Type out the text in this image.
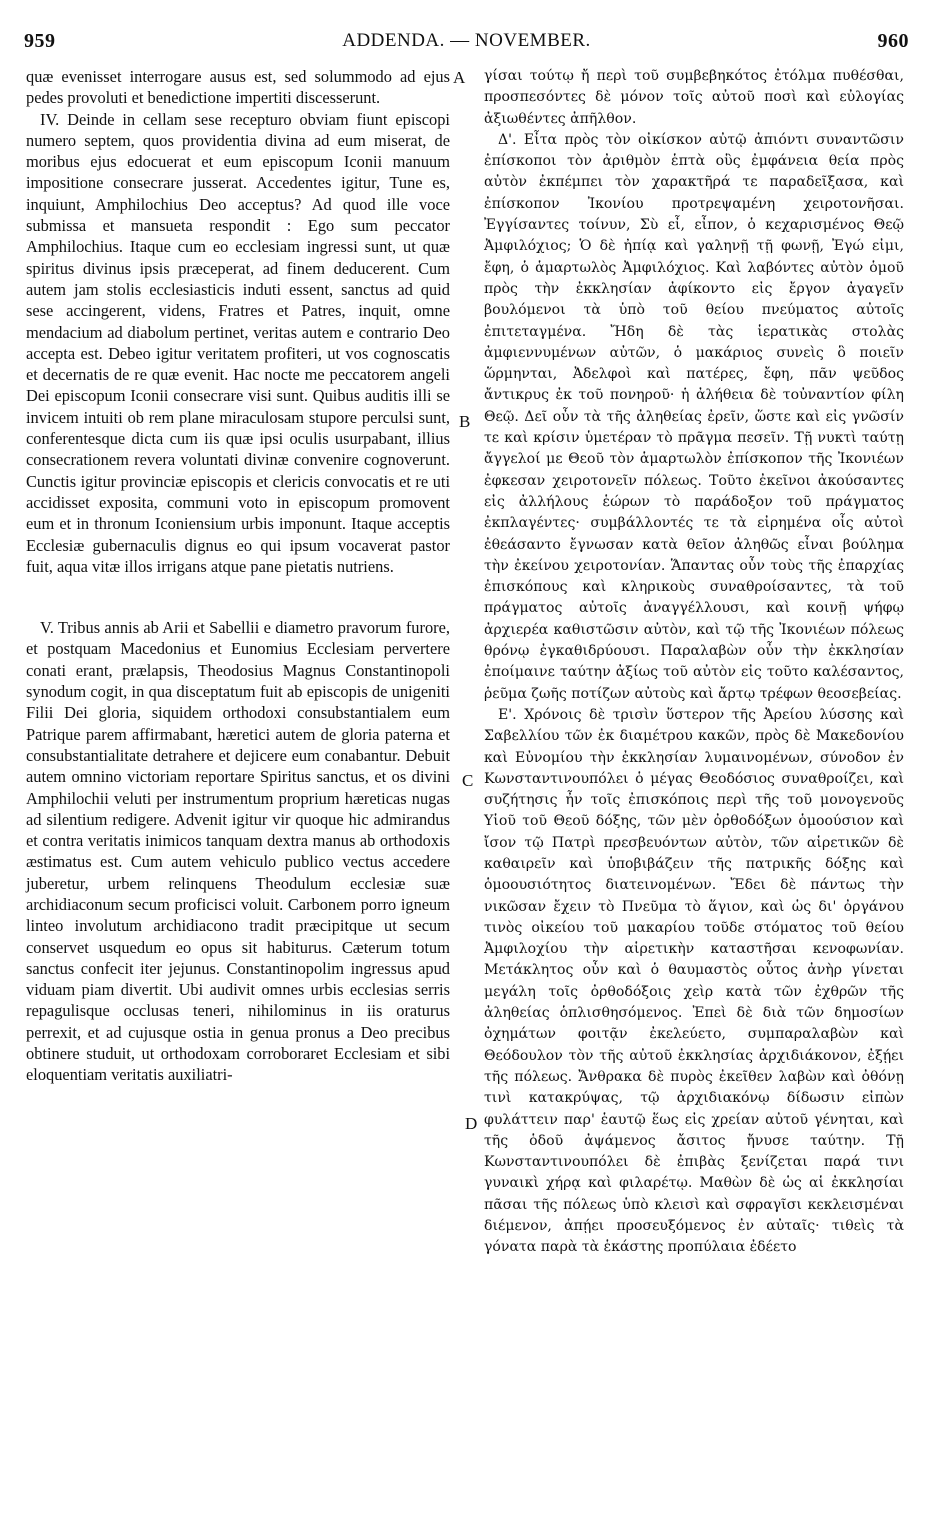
959	ADDENDA. — NOVEMBER.	960

quæ evenisset interrogare ausus est, sed solummodo ad ejus pedes provoluti et benedictione impertiti discesserunt.

IV. Deinde in cellam sese recepturo obviam fiunt episcopi numero septem, quos providentia divina ad eum miserat, de moribus ejus edocuerat et eum episcopum Iconii manuum impositione consecrare jusserat. Accedentes igitur, Tune es, inquiunt, Amphilochius Deo acceptus? Ad quod ille voce submissa et mansueta respondit : Ego sum peccator Amphilochius. Itaque cum eo ecclesiam ingressi sunt, ut quæ spiritus divinus ipsis præceperat, ad finem deducerent. Cum autem jam stolis ecclesiasticis induti essent, sanctus ad quid sese accingerent, videns, Fratres et Patres, inquit, omne mendacium ad diabolum pertinet, veritas autem e contrario Deo accepta est. Debeo igitur veritatem profiteri, ut vos cognoscatis et decernatis de re quæ evenit. Hac nocte me peccatorem angeli Dei episcopum Iconii consecrare visi sunt. Quibus auditis illi se invicem intuiti ob rem plane miraculosam stupore perculsi sunt, conferentesque dicta cum iis quæ ipsi oculis usurpabant, illius consecrationem revera voluntati divinæ convenire cognoverunt. Cunctis igitur provinciæ episcopis et clericis convocatis et re uti accidisset exposita, communi voto in episcopum promovent eum et in thronum Iconiensium urbis imponunt. Itaque acceptis Ecclesiæ gubernaculis dignus eo qui ipsum vocaverat pastor fuit, aqua vitæ illos irrigans atque pane pietatis nutriens.

V. Tribus annis ab Arii et Sabellii e diametro pravorum furore, et postquam Macedonius et Eunomius Ecclesiam pervertere conati erant, prælapsis, Theodosius Magnus Constantinopoli synodum cogit, in qua disceptatum fuit ab episcopis de unigeniti Filii Dei gloria, siquidem orthodoxi consubstantialem eum Patrique parem affirmabant, hæretici autem de gloria paterna et consubstantialitate detrahere et dejicere eum conabantur. Debuit autem omnino victoriam reportare Spiritus sanctus, et os divini Amphilochii veluti per instrumentum proprium hæreticas nugas ad silentium redigere. Advenit igitur vir quoque hic admirandus et contra veritatis inimicos tanquam dextra manus ab orthodoxis æstimatus est. Cum autem vehiculo publico vectus accedere juberetur, urbem relinquens Theodulum ecclesiæ suæ archidiaconum secum proficisci voluit. Carbonem porro igneum linteo involutum archidiacono tradit præcipitque ut secum conservet usquedum eo opus sit habiturus. Cæterum totum sanctus confecit iter jejunus. Constantinopolim ingressus apud viduam piam divertit. Ubi audivit omnes urbis ecclesias serris repagulisque occlusas teneri, nihilominus in iis oraturus perrexit, et ad cujusque ostia in genua pronus a Deo precibus obtinere studuit, ut orthodoxam corroboraret Ecclesiam et sibi eloquentiam veritatis auxiliatri-

γίσαι τούτῳ ἤ περὶ τοῦ συμβεβηκότος ἐτόλμα πυθέσθαι, προσπεσόντες δὲ μόνον τοῖς αὐτοῦ ποσὶ καὶ εὐλογίας ἀξιωθέντες ἀπῆλθον.

Δ'. Εἶτα πρὸς τὸν οἰκίσκον αὐτῷ ἀπιόντι συναντῶσιν ἐπίσκοποι τὸν ἀριθμὸν ἑπτὰ οὓς ἐμφάνεια θεία πρὸς αὐτὸν ἐκπέμπει τὸν χαρακτῆρά τε παραδεῖξασα, καὶ ἐπίσκοπον Ἰκονίου προτρεψαμένη χειροτονῆσαι. Ἐγγίσαντες τοίνυν, Σὺ εἶ, εἶπον, ὁ κεχαρισμένος Θεῷ Ἀμφιλόχιος; Ὁ δὲ ἠπίᾳ καὶ γαληνῇ τῇ φωνῇ, Ἐγώ εἰμι, ἔφη, ὁ ἁμαρτωλὸς Ἀμφιλόχιος. Καὶ λαβόντες αὐτὸν ὁμοῦ πρὸς τὴν ἐκκλησίαν ἀφίκοντο εἰς ἔργον ἀγαγεῖν βουλόμενοι τὰ ὑπὸ τοῦ θείου πνεύματος αὐτοῖς ἐπιτεταγμένα. Ἤδη δὲ τὰς ἱερατικὰς στολὰς ἀμφιεννυμένων αὐτῶν, ὁ μακάριος συνεὶς ὃ ποιεῖν ὥρμηνται, Ἀδελφοὶ καὶ πατέρες, ἔφη, πᾶν ψεῦδος ἄντικρυς ἐκ τοῦ πονηροῦ· ἡ ἀλήθεια δὲ τοὐναντίον φίλη Θεῷ. Δεῖ οὖν τὰ τῆς ἀληθείας ἐρεῖν, ὥστε καὶ εἰς γνῶσίν τε καὶ κρίσιν ὑμετέραν τὸ πρᾶγμα πεσεῖν. Τῇ νυκτὶ ταύτῃ ἄγγελοί με Θεοῦ τὸν ἁμαρτωλὸν ἐπίσκοπον τῆς Ἰκονιέων ἐφκεσαν χειροτονεῖν πόλεως. Τοῦτο ἐκεῖνοι ἀκούσαντες εἰς ἀλλήλους ἑώρων τὸ παράδοξον τοῦ πράγματος ἐκπλαγέντες· συμβάλλοντές τε τὰ εἰρημένα οἷς αὐτοὶ ἐθεάσαντο ἔγνωσαν κατὰ θεῖον ἀληθῶς εἶναι βούλημα τὴν ἐκείνου χειροτονίαν. Ἅπαντας οὖν τοὺς τῆς ἐπαρχίας ἐπισκόπους καὶ κληρικοὺς συναθροίσαντες, τὰ τοῦ πράγματος αὐτοῖς ἀναγγέλλουσι, καὶ κοινῇ ψήφῳ ἀρχιερέα καθιστῶσιν αὐτὸν, καὶ τῷ τῆς Ἰκονιέων πόλεως θρόνῳ ἐγκαθιδρύουσι. Παραλαβὼν οὖν τὴν ἐκκλησίαν ἐποίμαινε ταύτην ἀξίως τοῦ αὐτὸν εἰς τοῦτο καλέσαντος, ῥεῦμα ζωῆς ποτίζων αὐτοὺς καὶ ἄρτῳ τρέφων θεοσεβείας.

Ε'. Χρόνοις δὲ τρισὶν ὕστερον τῆς Ἀρείου λύσσης καὶ Σαβελλίου τῶν ἐκ διαμέτρου κακῶν, πρὸς δὲ Μακεδονίου καὶ Εὐνομίου τὴν ἐκκλησίαν λυμαινομένων, σύνοδον ἐν Κωνσταντινουπόλει ὁ μέγας Θεοδόσιος συναθροίζει, καὶ συζήτησις ἦν τοῖς ἐπισκόποις περὶ τῆς τοῦ μονογενοῦς Υἱοῦ τοῦ Θεοῦ δόξης, τῶν μὲν ὀρθοδόξων ὁμοούσιον καὶ ἴσον τῷ Πατρὶ πρεσβευόντων αὐτὸν, τῶν αἱρετικῶν δὲ καθαιρεῖν καὶ ὑποβιβάζειν τῆς πατρικῆς δόξης καὶ ὁμοουσιότητος διατεινομένων. Ἔδει δὲ πάντως τὴν νικῶσαν ἔχειν τὸ Πνεῦμα τὸ ἅγιον, καὶ ὡς δι' ὀργάνου τινὸς οἰκείου τοῦ μακαρίου τοῦδε στόματος τοῦ θείου Ἀμφιλοχίου τὴν αἱρετικὴν καταστῆσαι κενοφωνίαν. Μετάκλητος οὖν καὶ ὁ θαυμαστὸς οὗτος ἀνὴρ γίνεται μεγάλη τοῖς ὀρθοδόξοις χεὶρ κατὰ τῶν ἐχθρῶν τῆς ἀληθείας ὁπλισθησόμενος. Ἐπεὶ δὲ διὰ τῶν δημοσίων ὀχημάτων φοιτᾷν ἐκελεύετο, συμπαραλαβὼν καὶ Θεόδουλον τὸν τῆς αὐτοῦ ἐκκλησίας ἀρχιδιάκονον, ἐξῄει τῆς πόλεως. Ἄνθρακα δὲ πυρὸς ἐκεῖθεν λαβὼν καὶ ὀθόνῃ τινὶ κατακρύψας, τῷ ἀρχιδιακόνῳ δίδωσιν εἰπὼν φυλάττειν παρ' ἑαυτῷ ἕως εἰς χρείαν αὐτοῦ γένηται, καὶ τῆς ὁδοῦ ἀψάμενος ἄσιτος ἤνυσε ταύτην. Τῇ Κωνσταντινουπόλει δὲ ἐπιβὰς ξενίζεται παρά τινι γυναικὶ χήρᾳ καὶ φιλαρέτῳ. Μαθὼν δὲ ὡς αἱ ἐκκλησίαι πᾶσαι τῆς πόλεως ὑπὸ κλεισὶ καὶ σφραγῖσι κεκλεισμέναι διέμενον, ἀπῄει προσευξόμενος ἐν αὐταῖς· τιθεὶς τὰ γόνατα παρὰ τὰ ἑκάστης προπύλαια ἐδέετο

A
B
C
D
